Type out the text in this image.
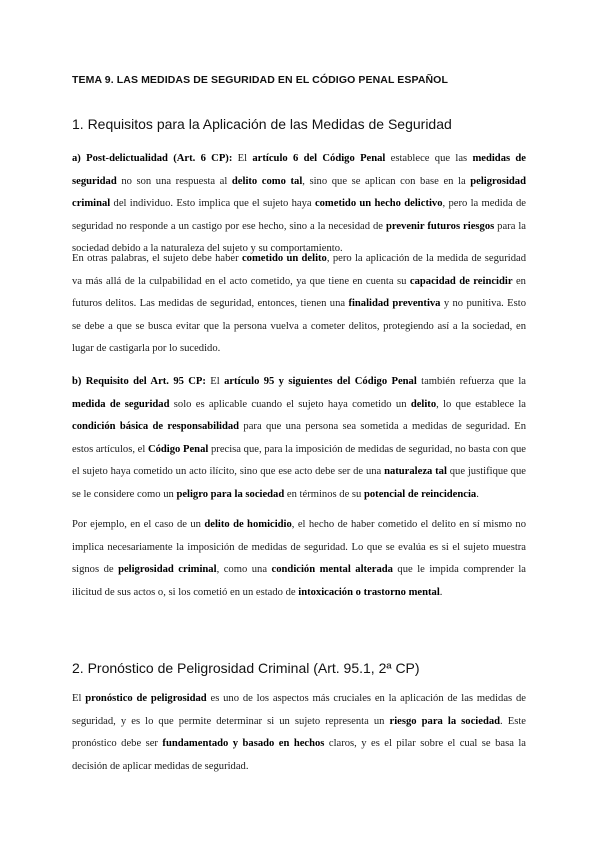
TEMA 9. LAS MEDIDAS DE SEGURIDAD EN EL CÓDIGO PENAL ESPAÑOL
1. Requisitos para la Aplicación de las Medidas de Seguridad

a) Post-delictualidad (Art. 6 CP): El artículo 6 del Código Penal establece que las medidas de seguridad no son una respuesta al delito como tal, sino que se aplican con base en la peligrosidad criminal del individuo. Esto implica que el sujeto haya cometido un hecho delictivo, pero la medida de seguridad no responde a un castigo por ese hecho, sino a la necesidad de prevenir futuros riesgos para la sociedad debido a la naturaleza del sujeto y su comportamiento.

En otras palabras, el sujeto debe haber cometido un delito, pero la aplicación de la medida de seguridad va más allá de la culpabilidad en el acto cometido, ya que tiene en cuenta su capacidad de reincidir en futuros delitos. Las medidas de seguridad, entonces, tienen una finalidad preventiva y no punitiva. Esto se debe a que se busca evitar que la persona vuelva a cometer delitos, protegiendo así a la sociedad, en lugar de castigarla por lo sucedido.

b) Requisito del Art. 95 CP: El artículo 95 y siguientes del Código Penal también refuerza que la medida de seguridad solo es aplicable cuando el sujeto haya cometido un delito, lo que establece la condición básica de responsabilidad para que una persona sea sometida a medidas de seguridad. En estos artículos, el Código Penal precisa que, para la imposición de medidas de seguridad, no basta con que el sujeto haya cometido un acto ilícito, sino que ese acto debe ser de una naturaleza tal que justifique que se le considere como un peligro para la sociedad en términos de su potencial de reincidencia.

Por ejemplo, en el caso de un delito de homicidio, el hecho de haber cometido el delito en sí mismo no implica necesariamente la imposición de medidas de seguridad. Lo que se evalúa es si el sujeto muestra signos de peligrosidad criminal, como una condición mental alterada que le impida comprender la ilicitud de sus actos o, si los cometió en un estado de intoxicación o trastorno mental.

2. Pronóstico de Peligrosidad Criminal (Art. 95.1, 2ª CP)

El pronóstico de peligrosidad es uno de los aspectos más cruciales en la aplicación de las medidas de seguridad, y es lo que permite determinar si un sujeto representa un riesgo para la sociedad. Este pronóstico debe ser fundamentado y basado en hechos claros, y es el pilar sobre el cual se basa la decisión de aplicar medidas de seguridad.
